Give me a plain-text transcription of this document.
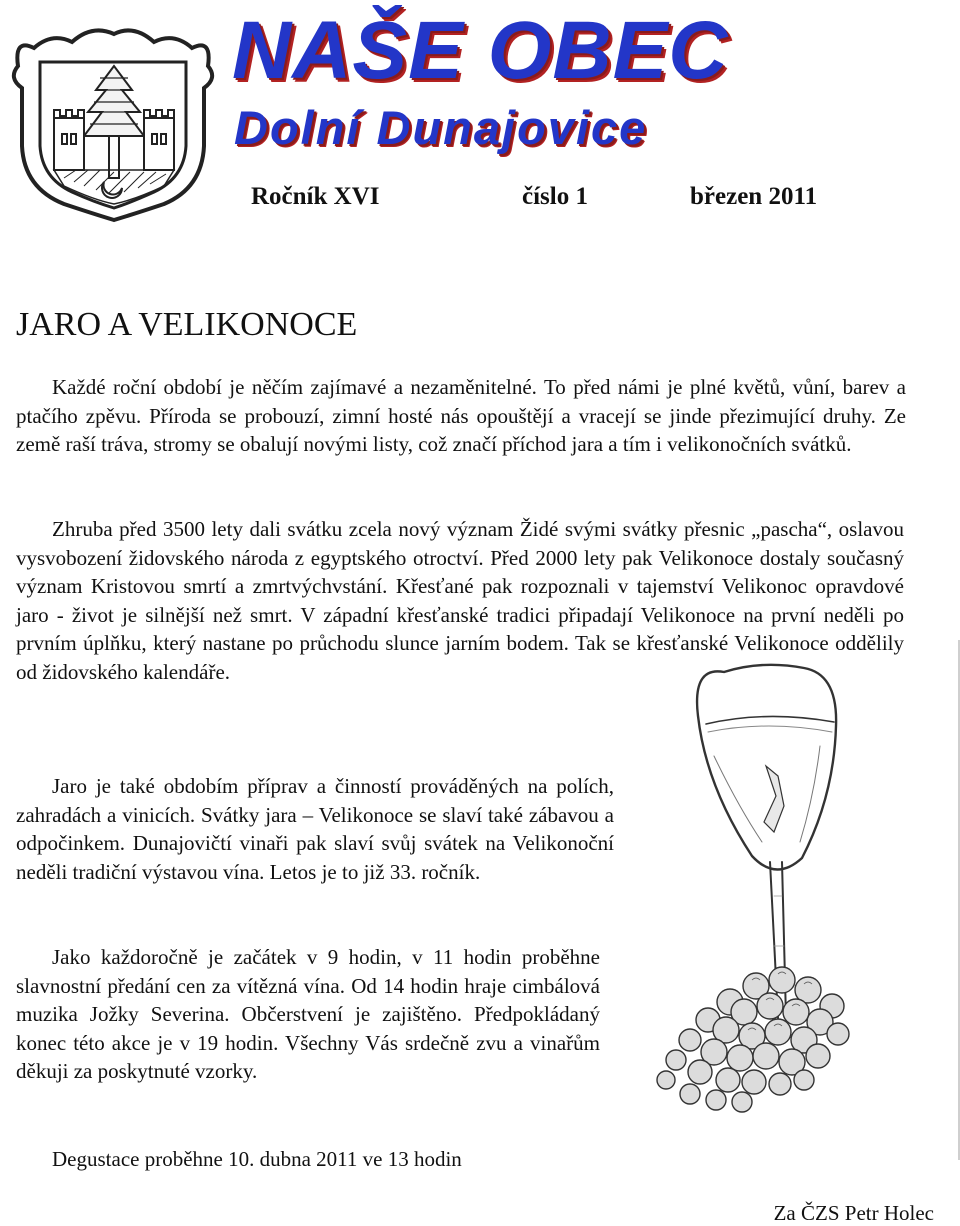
NAŠE OBEC
Dolní Dunajovice
Ročník XVI	číslo 1	březen 2011
JARO A VELIKONOCE

Každé roční období je něčím zajímavé a nezaměnitelné. To před námi je plné květů, vůní, barev a ptačího zpěvu. Příroda se probouzí, zimní hosté nás opouštějí a vracejí se jinde přezimující druhy. Ze země raší tráva, stromy se obalují novými listy, což značí příchod jara a tím i velikonočních svátků.

Zhruba před 3500 lety dali svátku zcela nový význam Židé svými svátky přesnic „pascha“, oslavou vysvobození židovského národa z egyptského otroctví. Před 2000 lety pak Velikonoce dostaly současný význam Kristovou smrtí a zmrtvýchvstání. Křesťané pak rozpoznali v tajemství Velikonoc opravdové jaro - život je silnější než smrt. V západní křesťanské tradici připadají Velikonoce na první neděli po prvním úplňku, který nastane po průchodu slunce jarním bodem. Tak se křesťanské Velikonoce oddělily od židovského kalendáře.

Jaro je také obdobím příprav a činností prováděných na polích, zahradách a vinicích. Svátky jara – Velikonoce se slaví také zábavou a odpočinkem. Dunajovičtí vinaři pak slaví svůj svátek na Velikonoční neděli tradiční výstavou vína. Letos je to již 33. ročník.

Jako každoročně je začátek v 9 hodin, v 11 hodin proběhne slavnostní předání cen za vítězná vína. Od 14 hodin hraje cimbálová muzika Jožky Severina. Občerstvení je zajištěno. Předpokládaný konec této akce je v 19 hodin. Všechny Vás srdečně zvu a vinařům děkuji za poskytnuté vzorky.

Degustace proběhne 10. dubna 2011 ve 13 hodin

Za ČZS Petr Holec
